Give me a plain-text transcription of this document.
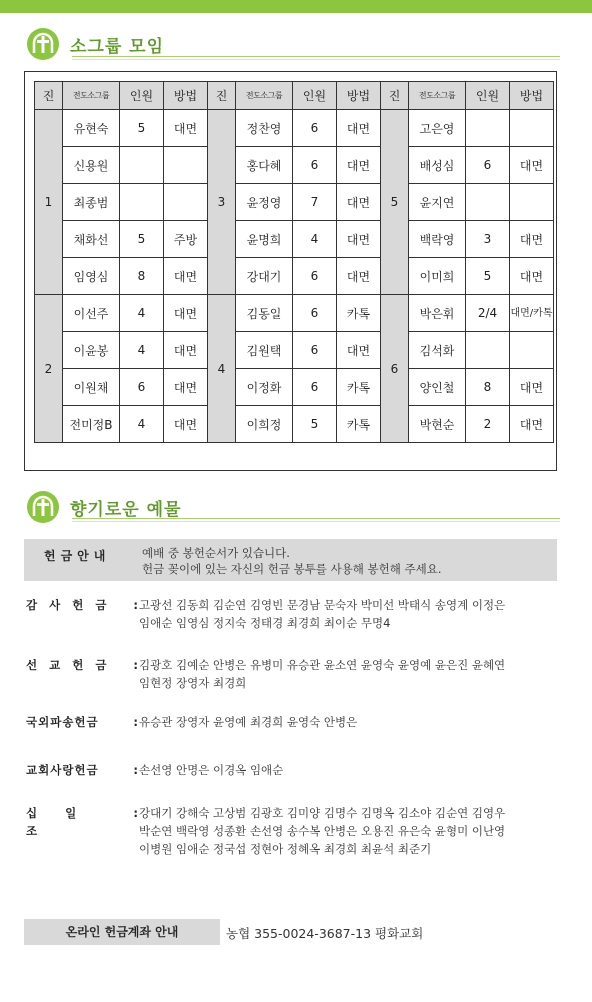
소그룹 모임
진	전도소그룹	인원	방법	진	전도소그룹	인원	방법	진	전도소그룹	인원	방법
1	유현숙	5	대면	3	정찬영	6	대면	5	고은영		
	신용원				홍다혜	6	대면		배성심	6	대면
	최종범				윤정영	7	대면		윤지연		
	채화선	5	주방		윤명희	4	대면		백락영	3	대면
	임영심	8	대면		강대기	6	대면		이미희	5	대면
2	이선주	4	대면	4	김동일	6	카톡	6	박은휘	2/4	대면/카톡
	이윤봉	4	대면		김원택	6	대면		김석화		
	이원채	6	대면		이정화	6	카톡		양인철	8	대면
	전미정B	4	대면		이희정	5	카톡		박현순	2	대면
향기로운 예물
헌금안내	예배 중 봉헌순서가 있습니다.
헌금 꽂이에 있는 자신의 헌금 봉투를 사용해 봉헌해 주세요.
감사헌금 : 고광선 김동희 김순연 김영빈 문경남 문숙자 박미선 박태식 송영계 이정은
임애순 임영심 정지숙 정태경 최경희 최이순 무명4
선교헌금 : 김광호 김예순 안병은 유병미 유승관 윤소연 윤영숙 윤영예 윤은진 윤혜연
임현정 장영자 최경희
국외파송헌금	: 유승관 장영자 윤영예 최경희 윤영숙 안병은
교회사랑헌금	: 손선영 안명은 이경옥 임애순
십일조
: 강대기 강해숙 고상범 김광호 김미양 김명수 김명옥 김소야 김순연 김영우
박순연 백락영 성종환 손선영 송수복 안병은 오용진 유은숙 윤형미 이난영
이병원 임애순 정국섭 정현아 정혜옥 최경희 최윤석 최준기
온라인 헌금계좌 안내	농협 355-0024-3687-13 평화교회
